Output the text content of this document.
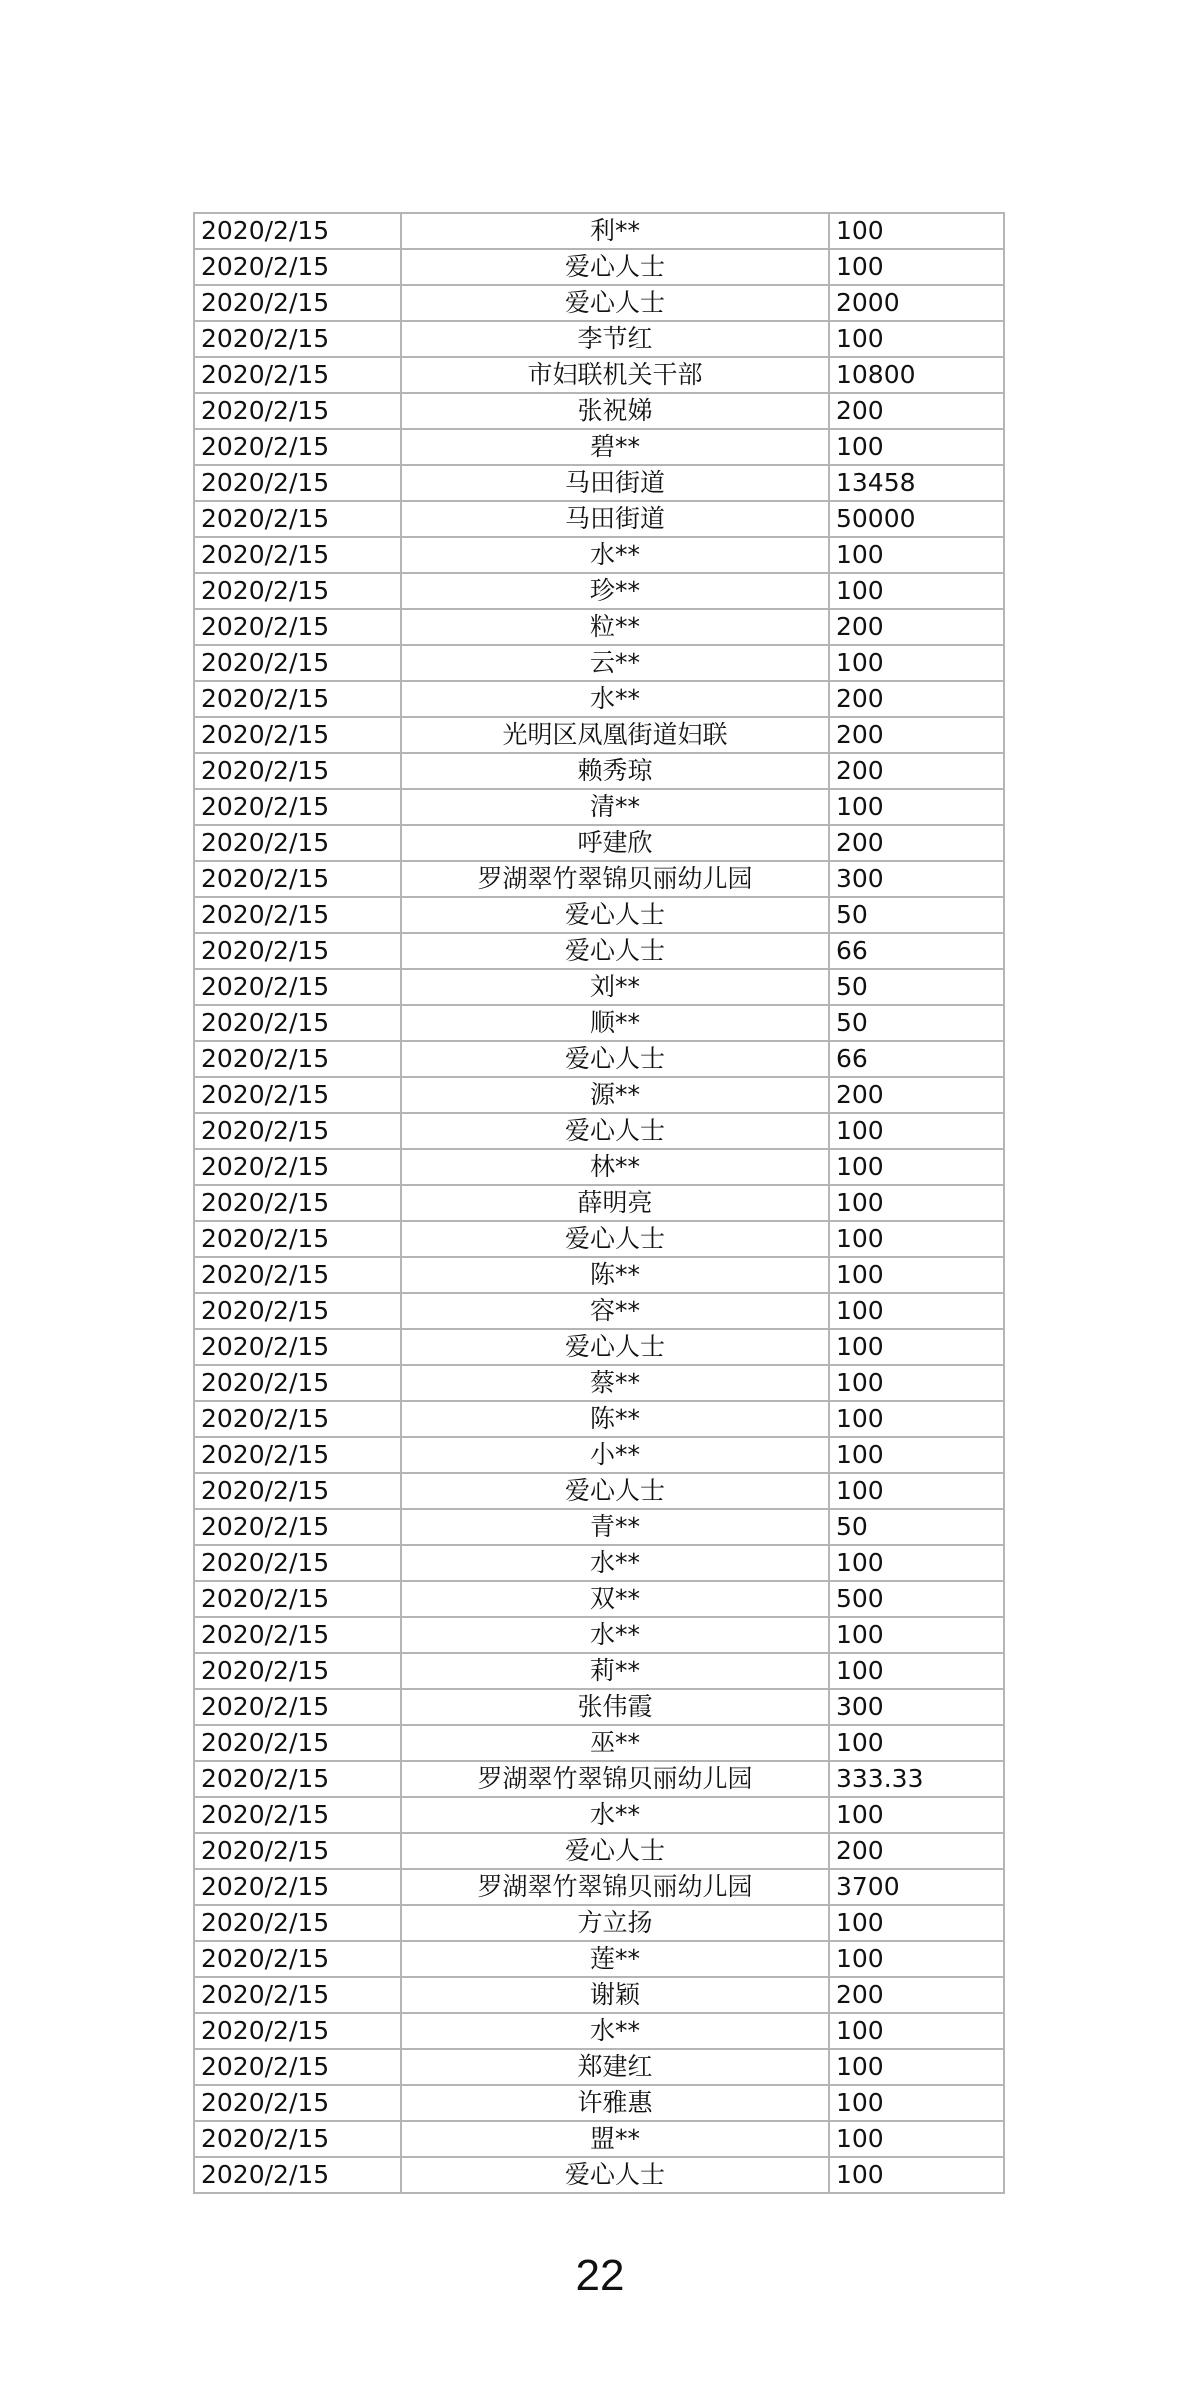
2020/2/15	利**	100
2020/2/15	爱心人士	100
2020/2/15	爱心人士	2000
2020/2/15	李节红	100
2020/2/15	市妇联机关干部	10800
2020/2/15	张祝娣	200
2020/2/15	碧**	100
2020/2/15	马田街道	13458
2020/2/15	马田街道	50000
2020/2/15	水**	100
2020/2/15	珍**	100
2020/2/15	粒**	200
2020/2/15	云**	100
2020/2/15	水**	200
2020/2/15	光明区凤凰街道妇联	200
2020/2/15	赖秀琼	200
2020/2/15	清**	100
2020/2/15	呼建欣	200
2020/2/15	罗湖翠竹翠锦贝丽幼儿园	300
2020/2/15	爱心人士	50
2020/2/15	爱心人士	66
2020/2/15	刘**	50
2020/2/15	顺**	50
2020/2/15	爱心人士	66
2020/2/15	源**	200
2020/2/15	爱心人士	100
2020/2/15	林**	100
2020/2/15	薛明亮	100
2020/2/15	爱心人士	100
2020/2/15	陈**	100
2020/2/15	容**	100
2020/2/15	爱心人士	100
2020/2/15	蔡**	100
2020/2/15	陈**	100
2020/2/15	小**	100
2020/2/15	爱心人士	100
2020/2/15	青**	50
2020/2/15	水**	100
2020/2/15	双**	500
2020/2/15	水**	100
2020/2/15	莉**	100
2020/2/15	张伟霞	300
2020/2/15	巫**	100
2020/2/15	罗湖翠竹翠锦贝丽幼儿园	333.33
2020/2/15	水**	100
2020/2/15	爱心人士	200
2020/2/15	罗湖翠竹翠锦贝丽幼儿园	3700
2020/2/15	方立扬	100
2020/2/15	莲**	100
2020/2/15	谢颖	200
2020/2/15	水**	100
2020/2/15	郑建红	100
2020/2/15	许雅惠	100
2020/2/15	盟**	100
2020/2/15	爱心人士	100
22
